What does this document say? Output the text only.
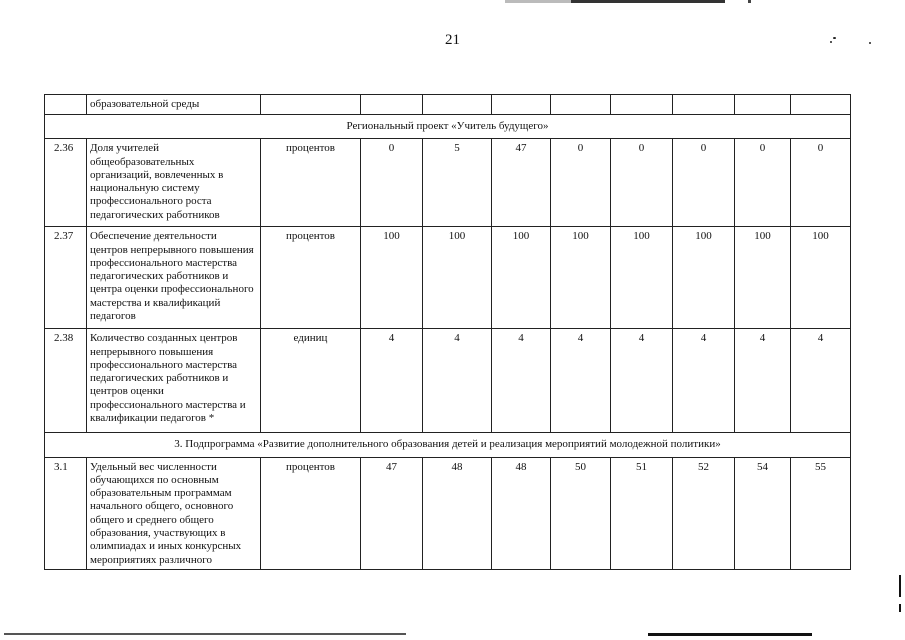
21
	образовательной среды									
Региональный проект «Учитель будущего»										
2.36	Доля учителей общеобразовательных организаций, вовлеченных в национальную систему профессионального роста педагогических работников	процентов	0	5	47	0	0	0	0	0
2.37	Обеспечение деятельности центров непрерывного повышения профессионального мастерства педагогических работников и центра оценки профессионального мастерства и квалификаций педагогов	процентов	100	100	100	100	100	100	100	100
2.38	Количество созданных центров непрерывного повышения профессионального мастерства педагогических работников и центров оценки профессионального мастерства и квалификации педагогов *	единиц	4	4	4	4	4	4	4	4
3. Подпрограмма «Развитие дополнительного образования детей и реализация мероприятий молодежной политики»										
3.1	Удельный вес численности обучающихся по основным образовательным программам начального общего, основного общего и среднего общего образования, участвующих в олимпиадах и иных конкурсных мероприятиях различного	процентов	47	48	48	50	51	52	54	55
